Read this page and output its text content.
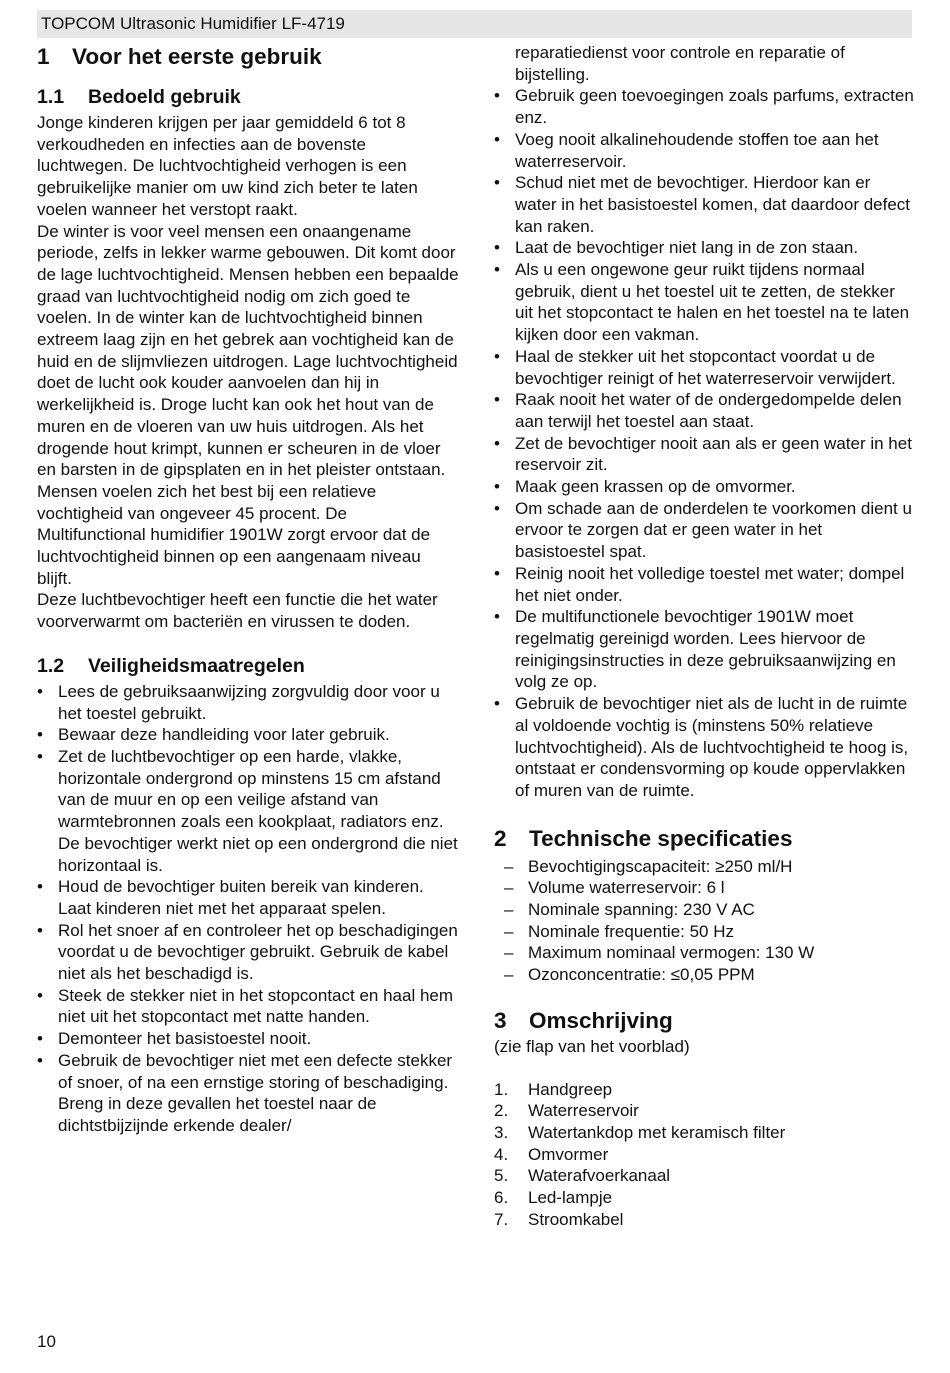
TOPCOM Ultrasonic Humidifier LF-4719
1 Voor het eerste gebruik
1.1	Bedoeld gebruik

Jonge kinderen krijgen per jaar gemiddeld 6 tot 8 verkoudheden en infecties aan de bovenste luchtwegen. De luchtvochtigheid verhogen is een gebruikelijke manier om uw kind zich beter te laten voelen wanneer het verstopt raakt.

De winter is voor veel mensen een onaangename periode, zelfs in lekker warme gebouwen. Dit komt door de lage luchtvochtigheid. Mensen hebben een bepaalde graad van luchtvochtigheid nodig om zich goed te voelen. In de winter kan de luchtvochtigheid binnen extreem laag zijn en het gebrek aan vochtigheid kan de huid en de slijmvliezen uitdrogen. Lage luchtvochtigheid doet de lucht ook kouder aanvoelen dan hij in werkelijkheid is. Droge lucht kan ook het hout van de muren en de vloeren van uw huis uitdrogen. Als het drogende hout krimpt, kunnen er scheuren in de vloer en barsten in de gipsplaten en in het pleister ontstaan.

Mensen voelen zich het best bij een relatieve vochtigheid van ongeveer 45 procent. De Multifunctional humidifier 1901W zorgt ervoor dat de luchtvochtigheid binnen op een aangenaam niveau blijft.

Deze luchtbevochtiger heeft een functie die het water voorverwarmt om bacteriën en virussen te doden.

1.2	Veiligheidsmaatregelen
• Lees de gebruiksaanwijzing zorgvuldig door voor u het toestel gebruikt.
• Bewaar deze handleiding voor later gebruik.
• Zet de luchtbevochtiger op een harde, vlakke, horizontale ondergrond op minstens 15 cm afstand van de muur en op een veilige afstand van warmtebronnen zoals een kookplaat, radiators enz. De bevochtiger werkt niet op een ondergrond die niet horizontaal is.
• Houd de bevochtiger buiten bereik van kinderen. Laat kinderen niet met het apparaat spelen.
• Rol het snoer af en controleer het op beschadigingen voordat u de bevochtiger gebruikt. Gebruik de kabel niet als het beschadigd is.
• Steek de stekker niet in het stopcontact en haal hem niet uit het stopcontact met natte handen.
• Demonteer het basistoestel nooit.
• Gebruik de bevochtiger niet met een defecte stekker of snoer, of na een ernstige storing of beschadiging. Breng in deze gevallen het toestel naar de dichtstbijzijnde erkende dealer/

reparatiedienst voor controle en reparatie of bijstelling.

• Gebruik geen toevoegingen zoals parfums, extracten enz.
• Voeg nooit alkalinehoudende stoffen toe aan het waterreservoir.
• Schud niet met de bevochtiger. Hierdoor kan er water in het basistoestel komen, dat daardoor defect kan raken.
• Laat de bevochtiger niet lang in de zon staan.
• Als u een ongewone geur ruikt tijdens normaal gebruik, dient u het toestel uit te zetten, de stekker uit het stopcontact te halen en het toestel na te laten kijken door een vakman.
• Haal de stekker uit het stopcontact voordat u de bevochtiger reinigt of het waterreservoir verwijdert.
• Raak nooit het water of de ondergedompelde delen aan terwijl het toestel aan staat.
• Zet de bevochtiger nooit aan als er geen water in het reservoir zit.
• Maak geen krassen op de omvormer.
• Om schade aan de onderdelen te voorkomen dient u ervoor te zorgen dat er geen water in het basistoestel spat.
• Reinig nooit het volledige toestel met water; dompel het niet onder.
• De multifunctionele bevochtiger 1901W moet regelmatig gereinigd worden. Lees hiervoor de reinigingsinstructies in deze gebruiksaanwijzing en volg ze op.
• Gebruik de bevochtiger niet als de lucht in de ruimte al voldoende vochtig is (minstens 50% relatieve luchtvochtigheid). Als de luchtvochtigheid te hoog is, ontstaat er condensvorming op koude oppervlakken of muren van de ruimte.
2 Technische specificaties
– Bevochtigingscapaciteit: ≥250 ml/H
– Volume waterreservoir: 6 l
– Nominale spanning: 230 V AC
– Nominale frequentie: 50 Hz
– Maximum nominaal vermogen: 130 W
– Ozonconcentratie: ≤0,05 PPM
3 Omschrijving

(zie flap van het voorblad)

1.	Handgreep
2.	Waterreservoir
3.	Watertankdop met keramisch filter
4.	Omvormer
5.	Waterafvoerkanaal
6.	Led-lampje
7.	Stroomkabel
10
